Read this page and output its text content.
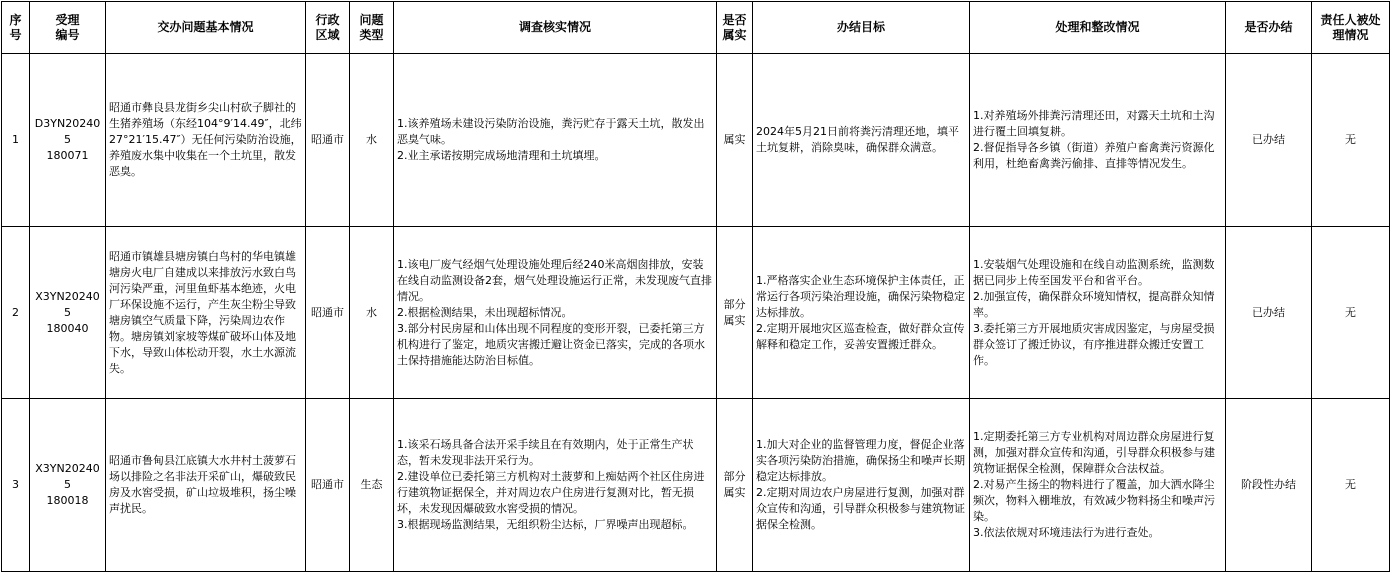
序
号	受理
编号	交办问题基本情况	行政
区域	问题
类型	调查核实情况	是否
属实	办结目标	处理和整改情况	是否办结	责任人被处
理情况

1	D3YN202405
180071	昭通市彝良县龙街乡尖山村砍子脚社的生猪养殖场（东经104°9′14.49″，北纬27°21′15.47″）无任何污染防治设施，养殖废水集中收集在一个土坑里，散发恶臭。	昭通市	水	1.该养殖场未建设污染防治设施，粪污贮存于露天土坑，散发出恶臭气味。
2.业主承诺按期完成场地清理和土坑填埋。	属实	2024年5月21日前将粪污清理还地，填平土坑复耕，消除臭味，确保群众满意。	1.对养殖场外排粪污清理还田，对露天土坑和土沟进行覆土回填复耕。
2.督促指导各乡镇（街道）养殖户畜禽粪污资源化利用，杜绝畜禽粪污偷排、直排等情况发生。	已办结	无
2	X3YN202405
180040	昭通市镇雄县塘房镇白鸟村的华电镇雄塘房火电厂自建成以来排放污水致白鸟河污染严重，河里鱼虾基本绝迹，火电厂环保设施不运行，产生灰尘粉尘导致塘房镇空气质量下降，污染周边农作物。塘房镇刘家坡等煤矿破坏山体及地下水，导致山体松动开裂，水土水源流失。	昭通市	水	1.该电厂废气经烟气处理设施处理后经240米高烟囱排放，安装在线自动监测设备2套，烟气处理设施运行正常，未发现废气直排情况。
2.根据检测结果，未出现超标情况。
3.部分村民房屋和山体出现不同程度的变形开裂，已委托第三方机构进行了鉴定，地质灾害搬迁避让资金已落实，完成的各项水土保持措施能达防治目标值。	部分
属实	1.严格落实企业生态环境保护主体责任，正常运行各项污染治理设施，确保污染物稳定达标排放。
2.定期开展地灾区巡查检查，做好群众宣传解释和稳定工作，妥善安置搬迁群众。	1.安装烟气处理设施和在线自动监测系统，监测数据已同步上传至国发平台和省平台。
2.加强宣传，确保群众环境知情权，提高群众知情率。
3.委托第三方开展地质灾害成因鉴定，与房屋受损群众签订了搬迁协议，有序推进群众搬迁安置工作。	已办结	无
3	X3YN202405
180018	昭通市鲁甸县江底镇大水井村土菠萝石场以排险之名非法开采矿山，爆破致民房及水窖受损，矿山垃圾堆积，扬尘噪声扰民。	昭通市	生态	1.该采石场具备合法开采手续且在有效期内，处于正常生产状态，暂未发现非法开采行为。
2.建设单位已委托第三方机构对土菠萝和上痴姑两个社区住房进行建筑物证据保全，并对周边农户住房进行复测对比，暂无损坏，未发现因爆破致水窖受损的情况。
3.根据现场监测结果，无组织粉尘达标，厂界噪声出现超标。	部分
属实	1.加大对企业的监督管理力度，督促企业落实各项污染防治措施，确保扬尘和噪声长期稳定达标排放。
2.定期对周边农户房屋进行复测，加强对群众宣传和沟通，引导群众积极参与建筑物证据保全检测。	1.定期委托第三方专业机构对周边群众房屋进行复测，加强对群众宣传和沟通，引导群众积极参与建筑物证据保全检测，保障群众合法权益。
2.对易产生扬尘的物料进行了覆盖，加大洒水降尘频次，物料入棚堆放，有效减少物料扬尘和噪声污染。
3.依法依规对环境违法行为进行查处。	阶段性办结	无
